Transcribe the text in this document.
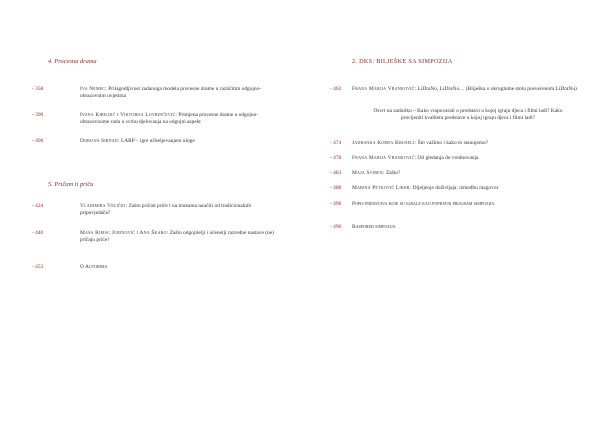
4. Procesna drama
- 358	Iva Nemec: Prilagodljivost zadanoga modela procesne drame u različitim odgojno-obrazovnim uvjetima
- 390	Ivana Kibildić i Viktorija Lovrinčević: Primjena procesne drame u odgojno-obrazovnome radu u svrhu djelovanja na odgojni aspekt
- 406	Dorijan Sirnad: LARP – igre učiteljevanjem uloge
5. Pričam ti priču
- 424	Vladimira Velički: Zašto pričati priče i na mukama naučiti od tradicionalnih pripovjedača?
- 440	Maša Rimac Jurinović i Ana Škaro: Zašto odgojitelji i učenelji razredne nastave (ne) pričaju priče?
- 453	O Autorima
2. DKS: BILJEŠKE SA SIMPOZIJA
- 462	Frana Marija Vranković: LiDraNo, LiDraNo… (Bilješka o okruglome stolu posvećenom LiDraNu)
Osvrt na zadnitku – Kako vrapovarati o predstavi u kojoj igraju djeca i filmi ladi? Kako procijeniti kvalitetu predstave u kojoj igraju djeca i filmi ladi?
- 474	Jadranka Korda Krušelj: Što važimo i kako to stanujemo?
- 478	Frana Marija Vranković: Od gledanja do vrednovanja
- 483	Maja Sviben: Zašto?
- 488	Marina Petković Liker: Dijeljenje doživljaja: izmeđbu razgovor
- 496	Popis predstava koje su igrale kao popratni program simpozija
- 496	Raspored simpozija
